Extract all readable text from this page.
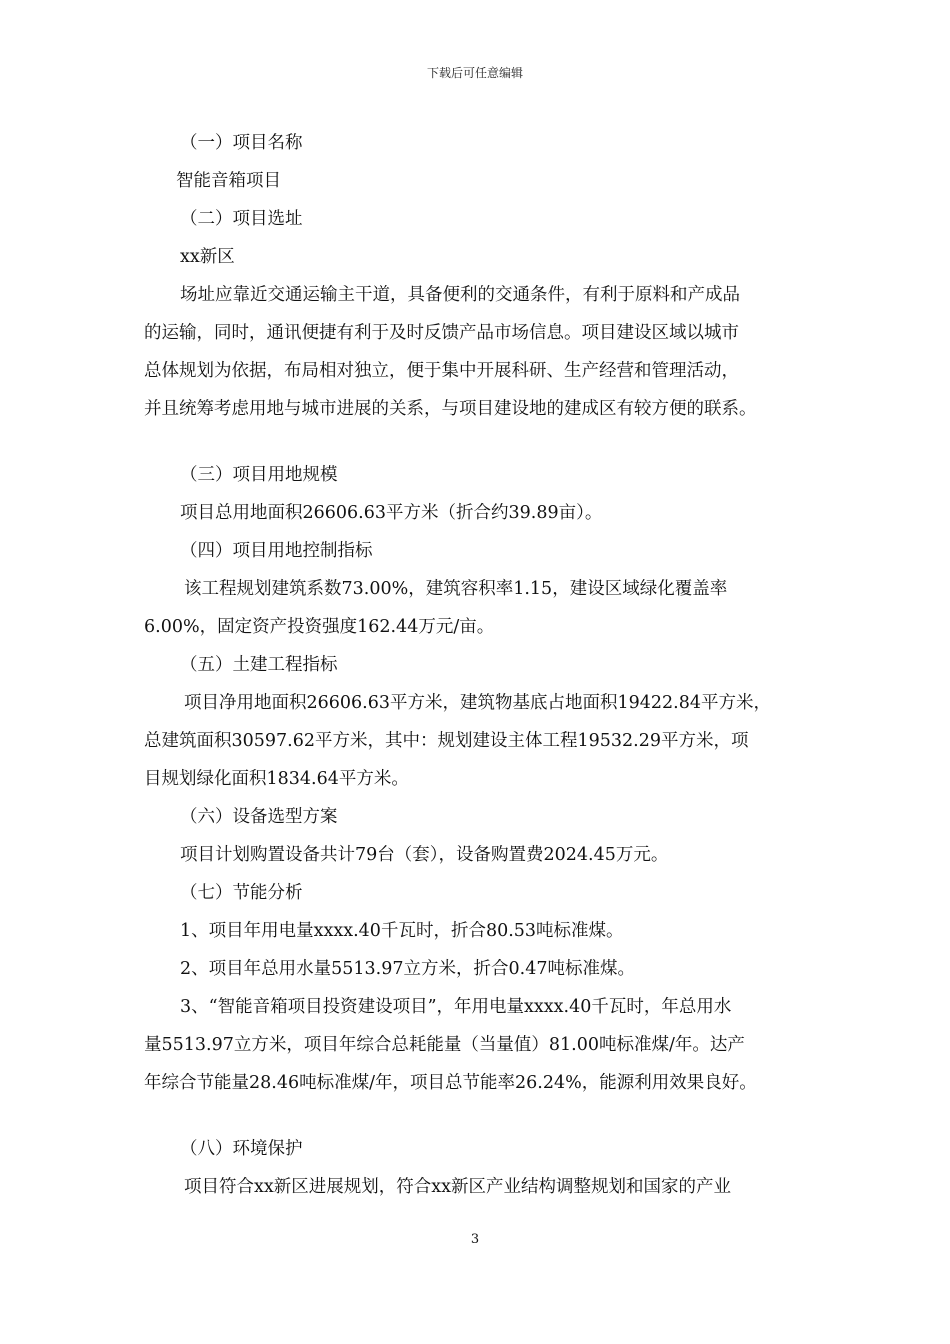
下载后可任意编辑

（一）项目名称

智能音箱项目

（二）项目选址

xx新区

场址应靠近交通运输主干道，具备便利的交通条件，有利于原料和产成品

的运输，同时，通讯便捷有利于及时反馈产品市场信息。项目建设区域以城市

总体规划为依据，布局相对独立，便于集中开展科研、生产经营和管理活动，

并且统筹考虑用地与城市进展的关系，与项目建设地的建成区有较方便的联系。

（三）项目用地规模

项目总用地面积26606.63平方米（折合约39.89亩）。

（四）项目用地控制指标

该工程规划建筑系数73.00%，建筑容积率1.15，建设区域绿化覆盖率

6.00%，固定资产投资强度162.44万元/亩。

（五）土建工程指标

项目净用地面积26606.63平方米，建筑物基底占地面积19422.84平方米，

总建筑面积30597.62平方米，其中：规划建设主体工程19532.29平方米，项

目规划绿化面积1834.64平方米。

（六）设备选型方案

项目计划购置设备共计79台（套），设备购置费2024.45万元。

（七）节能分析

1、项目年用电量xxxx.40千瓦时，折合80.53吨标准煤。

2、项目年总用水量5513.97立方米，折合0.47吨标准煤。

3、“智能音箱项目投资建设项目”，年用电量xxxx.40千瓦时，年总用水

量5513.97立方米，项目年综合总耗能量（当量值）81.00吨标准煤/年。达产

年综合节能量28.46吨标准煤/年，项目总节能率26.24%，能源利用效果良好。

（八）环境保护

项目符合xx新区进展规划，符合xx新区产业结构调整规划和国家的产业

3
